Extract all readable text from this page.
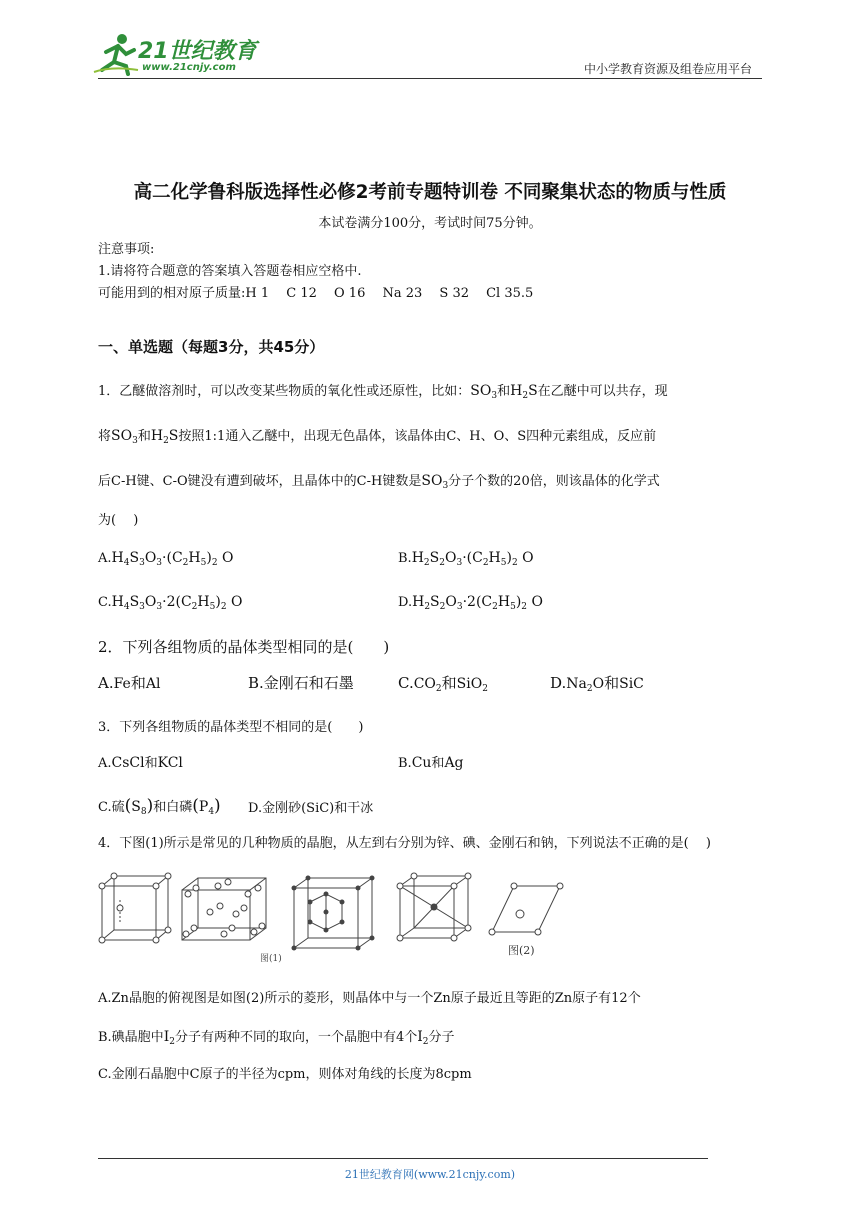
21世纪教育
www.21cnjy.com	中小学教育资源及组卷应用平台
高二化学鲁科版选择性必修2考前专题特训卷 不同聚集状态的物质与性质
本试卷满分100分，考试时间75分钟。
注意事项:
1.请将符合题意的答案填入答题卷相应空格中.
可能用到的相对原子质量:H 1　 C 12　 O 16　 Na 23　 S 32　 Cl 35.5
一、单选题（每题3分，共45分）
1．乙醚做溶剂时，可以改变某些物质的氧化性或还原性，比如：$SO_3$和$H_2S$在乙醚中可以共存，现
将$SO_3$和$H_2S$按照1:1通入乙醚中，出现无色晶体，该晶体由C、H、O、S四种元素组成，反应前
后C-H键、C-O键没有遭到破坏，且晶体中的C-H键数是$SO_3$分子个数的20倍，则该晶体的化学式
为(　 )
$A.H_4S_3O_3\cdot(C_2H_5)_2$ O	$B.H_2S_2O_3\cdot(C_2H_5)_2$ O
$C.H_4S_3O_3\cdot 2(C_2H_5)_2$ O	$D.H_2S_2O_3\cdot 2(C_2H_5)_2$ O
2．下列各组物质的晶体类型相同的是(　　)
A.Fe和Al	B.金刚石和石墨	$C.CO_2$和SiO$_2$	$D.Na_2O$和SiC
3．下列各组物质的晶体类型不相同的是(　　)
A.CsCl和KCl	B.Cu和Ag
C.硫$(S_8)$和白磷$(P_4)$ D.金刚砂(SiC)和干冰
4．下图(1)所示是常见的几种物质的晶胞，从左到右分别为锌、碘、金刚石和钠，下列说法不正确的是(　 )
图(1)
图(2)
A.Zn晶胞的俯视图是如图(2)所示的菱形，则晶体中与一个Zn原子最近且等距的Zn原子有12个
B.碘晶胞中$I_2$分子有两种不同的取向，一个晶胞中有4个$I_2$分子
C.金刚石晶胞中C原子的半径为cpm，则体对角线的长度为8cpm
21世纪教育网(www.21cnjy.com)
